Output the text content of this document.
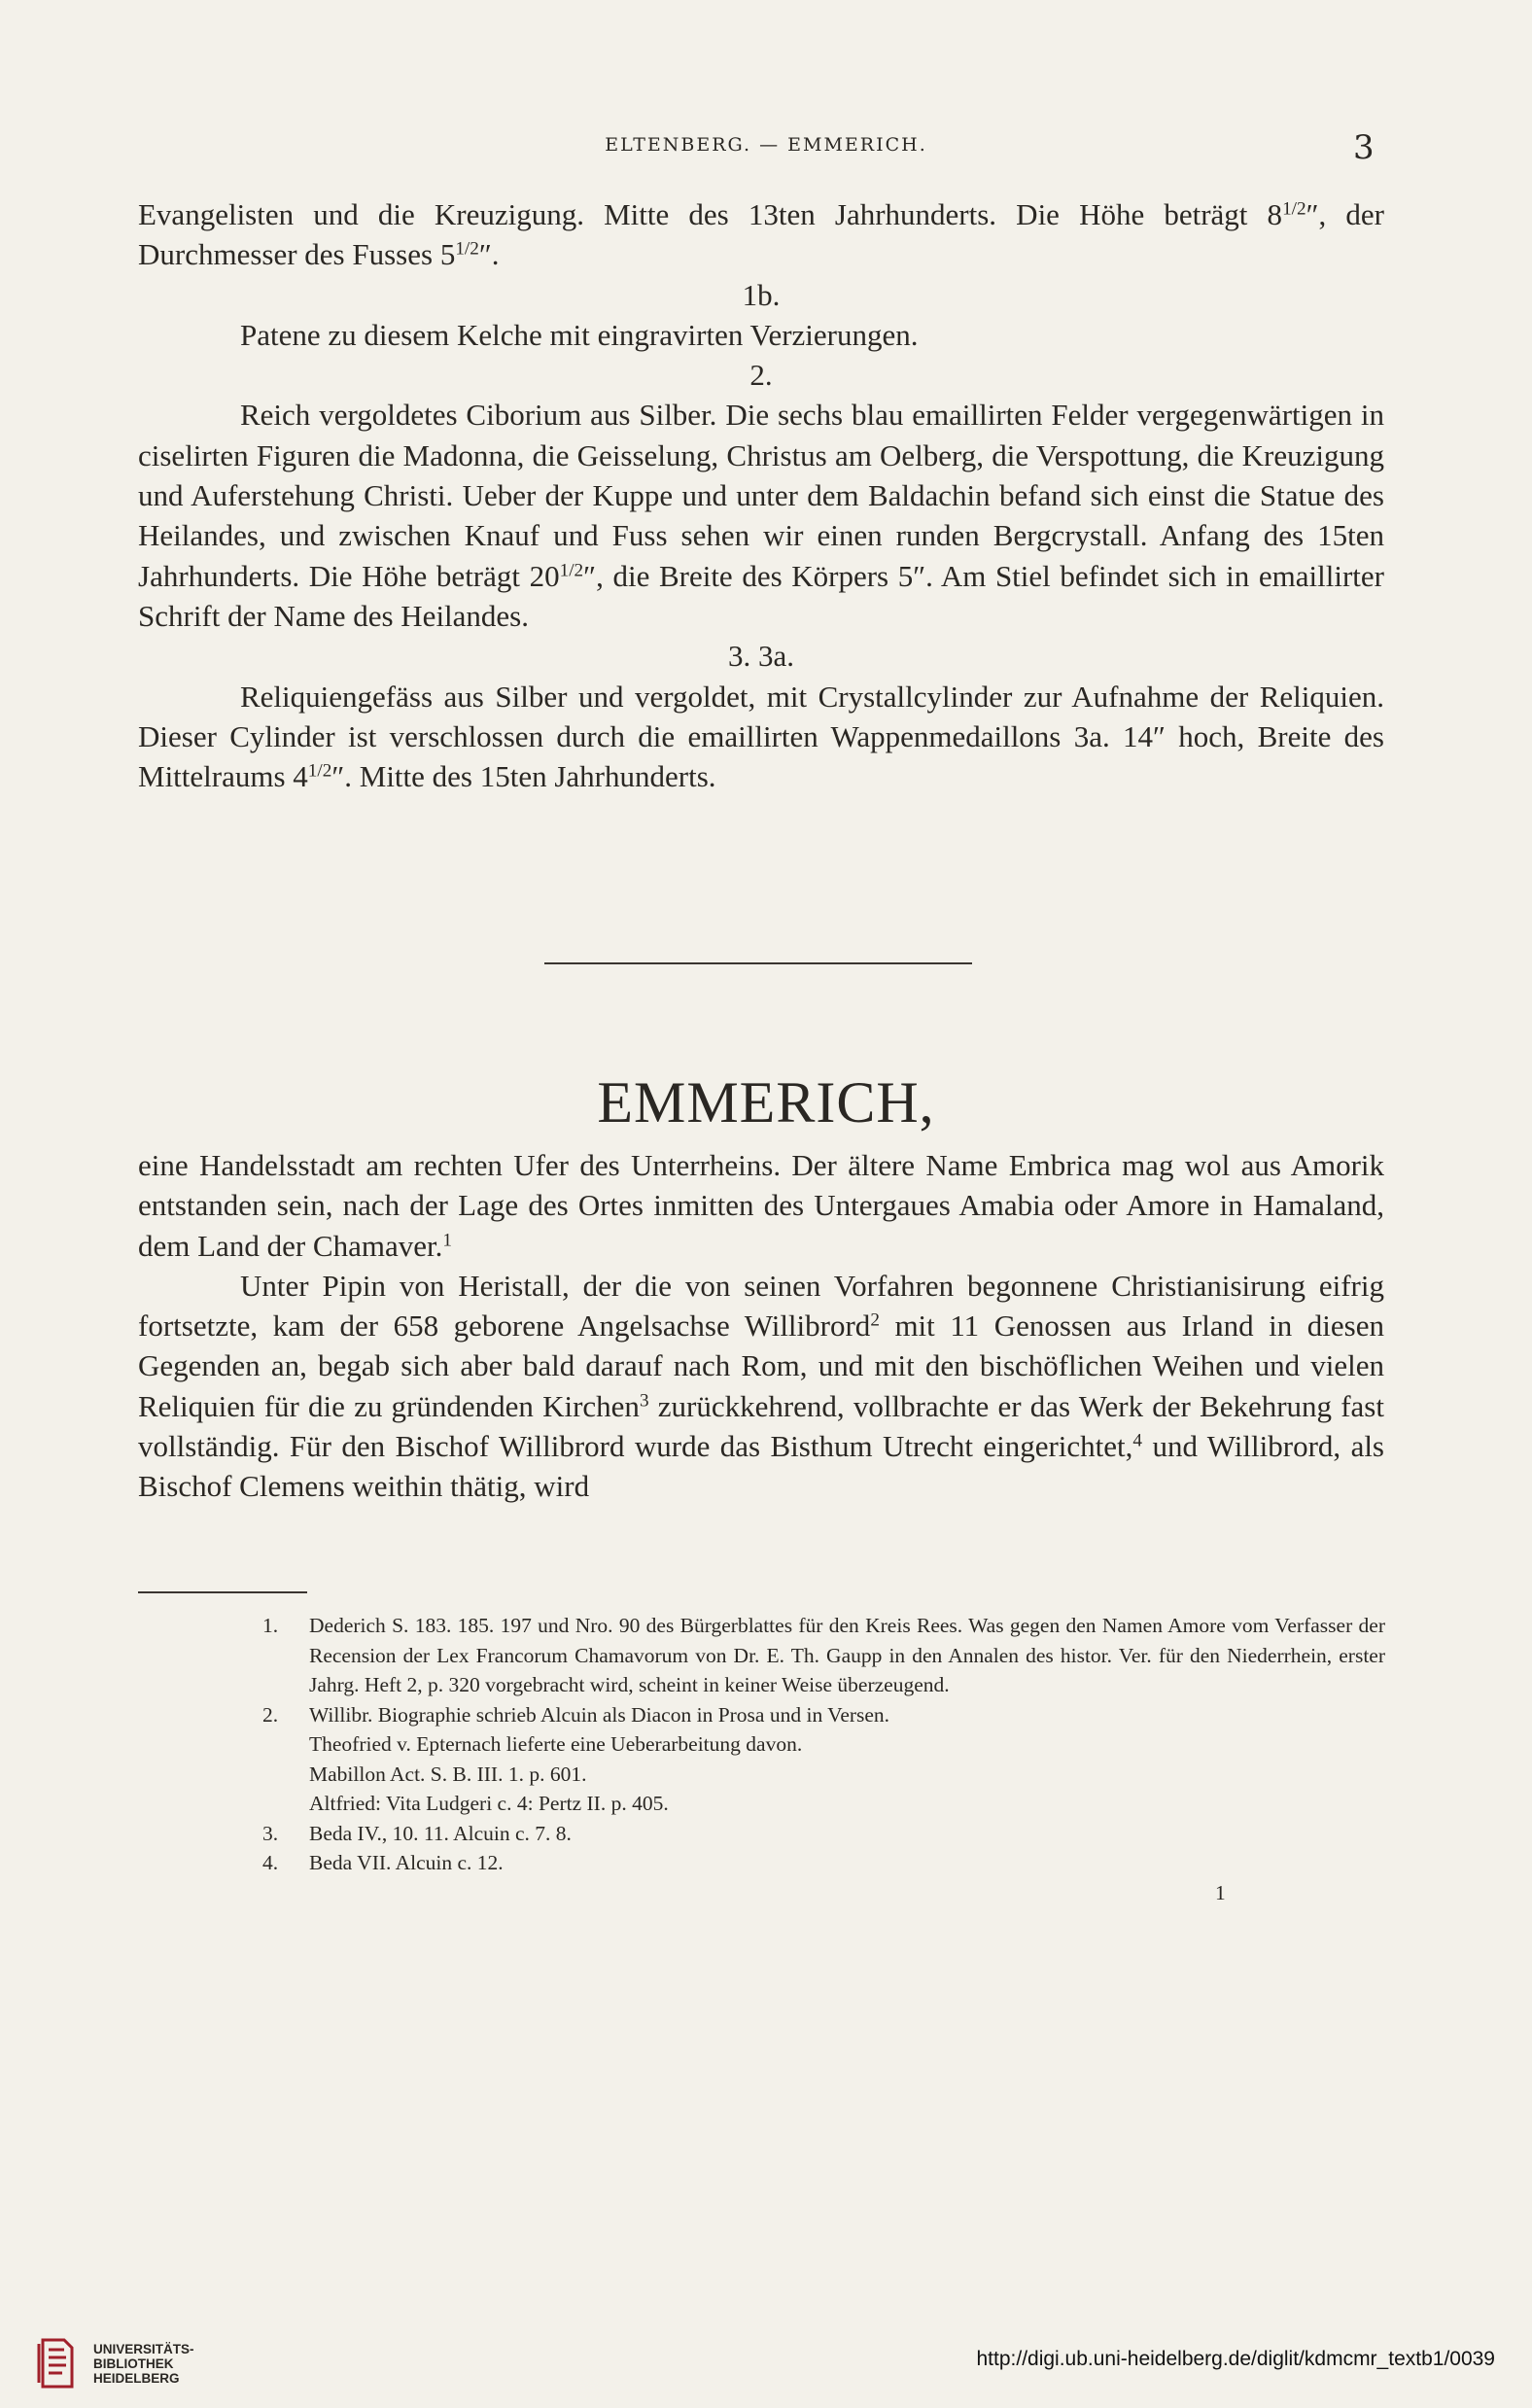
ELTENBERG. — EMMERICH.	3

Evangelisten und die Kreuzigung. Mitte des 13ten Jahrhunderts. Die Höhe beträgt $8^{1/2}''$, der Durchmesser des Fusses $5^{1/2}''$.

1b.

Patene zu diesem Kelche mit eingravirten Verzierungen.

2.

Reich vergoldetes Ciborium aus Silber. Die sechs blau emaillirten Felder vergegenwärtigen in ciselirten Figuren die Madonna, die Geisselung, Christus am Oelberg, die Verspottung, die Kreuzigung und Auferstehung Christi. Ueber der Kuppe und unter dem Baldachin befand sich einst die Statue des Heilandes, und zwischen Knauf und Fuss sehen wir einen runden Bergcrystall. Anfang des 15ten Jahrhunderts. Die Höhe beträgt $20^{1/2}''$, die Breite des Körpers 5″. Am Stiel befindet sich in emaillirter Schrift der Name des Heilandes.

3. 3a.

Reliquiengefäss aus Silber und vergoldet, mit Crystallcylinder zur Aufnahme der Reliquien. Dieser Cylinder ist verschlossen durch die emaillirten Wappenmedaillons 3a. 14″ hoch, Breite des Mittelraums $4^{1/2}''$. Mitte des 15ten Jahrhunderts.

EMMERICH,

eine Handelsstadt am rechten Ufer des Unterrheins. Der ältere Name Embrica mag wol aus Amorik entstanden sein, nach der Lage des Ortes inmitten des Untergaues Amabia oder Amore in Hamaland, dem Land der Chamaver.$^1$

Unter Pipin von Heristall, der die von seinen Vorfahren begonnene Christianisirung eifrig fortsetzte, kam der 658 geborene Angelsachse Willibrord$^2$ mit 11 Genossen aus Irland in diesen Gegenden an, begab sich aber bald darauf nach Rom, und mit den bischöflichen Weihen und vielen Reliquien für die zu gründenden Kirchen$^3$ zurückkehrend, vollbrachte er das Werk der Bekehrung fast vollständig. Für den Bischof Willibrord wurde das Bisthum Utrecht eingerichtet,$^4$ und Willibrord, als Bischof Clemens weithin thätig, wird

1.	Dederich S. 183. 185. 197 und Nro. 90 des Bürgerblattes für den Kreis Rees. Was gegen den Namen Amore vom Verfasser der Recension der Lex Francorum Chamavorum von Dr. E. Th. Gaupp in den Annalen des histor. Ver. für den Niederrhein, erster Jahrg. Heft 2, p. 320 vorgebracht wird, scheint in keiner Weise überzeugend.
2.	Willibr. Biographie schrieb Alcuin als Diacon in Prosa und in Versen.

Theofried v. Epternach lieferte eine Ueberarbeitung davon.

Mabillon Act. S. B. III. 1. p. 601.

Altfried: Vita Ludgeri c. 4: Pertz II. p. 405.

3.	Beda IV., 10. 11. Alcuin c. 7. 8.
4.	Beda VII. Alcuin c. 12.

1

UNIVERSITÄTS-
BIBLIOTHEK
HEIDELBERG
http://digi.ub.uni-heidelberg.de/diglit/kdmcmr_textb1/0039
